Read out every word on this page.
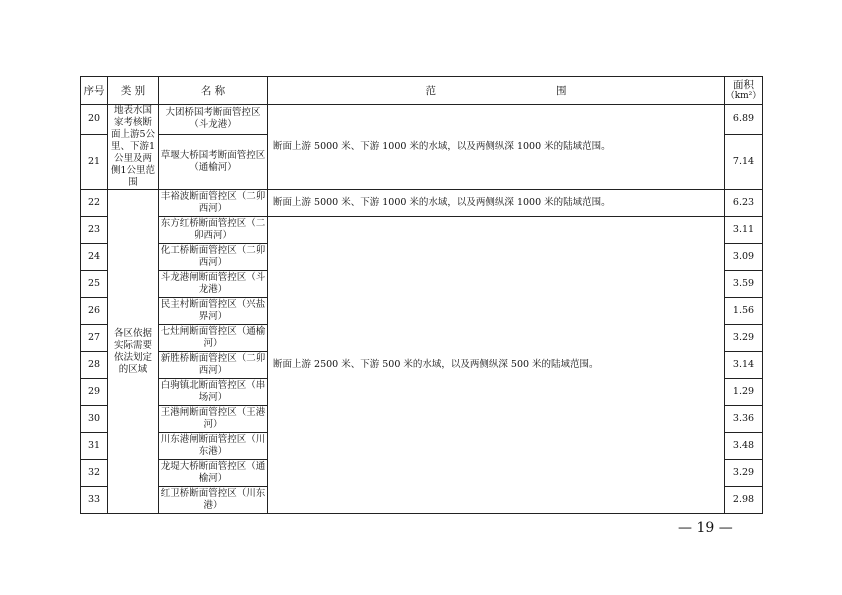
序号	类 别	名 称	范 围	面积
（km²）

20	地表水国家考核断面上游5公里、下游1公里及两侧1公里范围	大团桥国考断面管控区（斗龙港）	断面上游 5000 米、下游 1000 米的水域，以及两侧纵深 1000 米的陆域范围。	6.89
21		草堰大桥国考断面管控区（通榆河）		7.14
22	各区依据实际需要依法划定的区域	丰裕波断面管控区（二卯西河）	断面上游 5000 米、下游 1000 米的水域，以及两侧纵深 1000 米的陆域范围。	6.23
23		东方红桥断面管控区（二卯西河）	断面上游 2500 米、下游 500 米的水域，以及两侧纵深 500 米的陆域范围。	3.11
24		化工桥断面管控区（二卯西河）		3.09
25		斗龙港闸断面管控区（斗龙港）		3.59
26		民主村断面管控区（兴盐界河）		1.56
27		七灶闸断面管控区（通榆河）		3.29
28		新胜桥断面管控区（二卯西河）		3.14
29		白驹镇北断面管控区（串场河）		1.29
30		王港闸断面管控区（王港河）		3.36
31		川东港闸断面管控区（川东港）		3.48
32		龙堤大桥断面管控区（通榆河）		3.29
33		红卫桥断面管控区（川东港）		2.98
— 19 —
